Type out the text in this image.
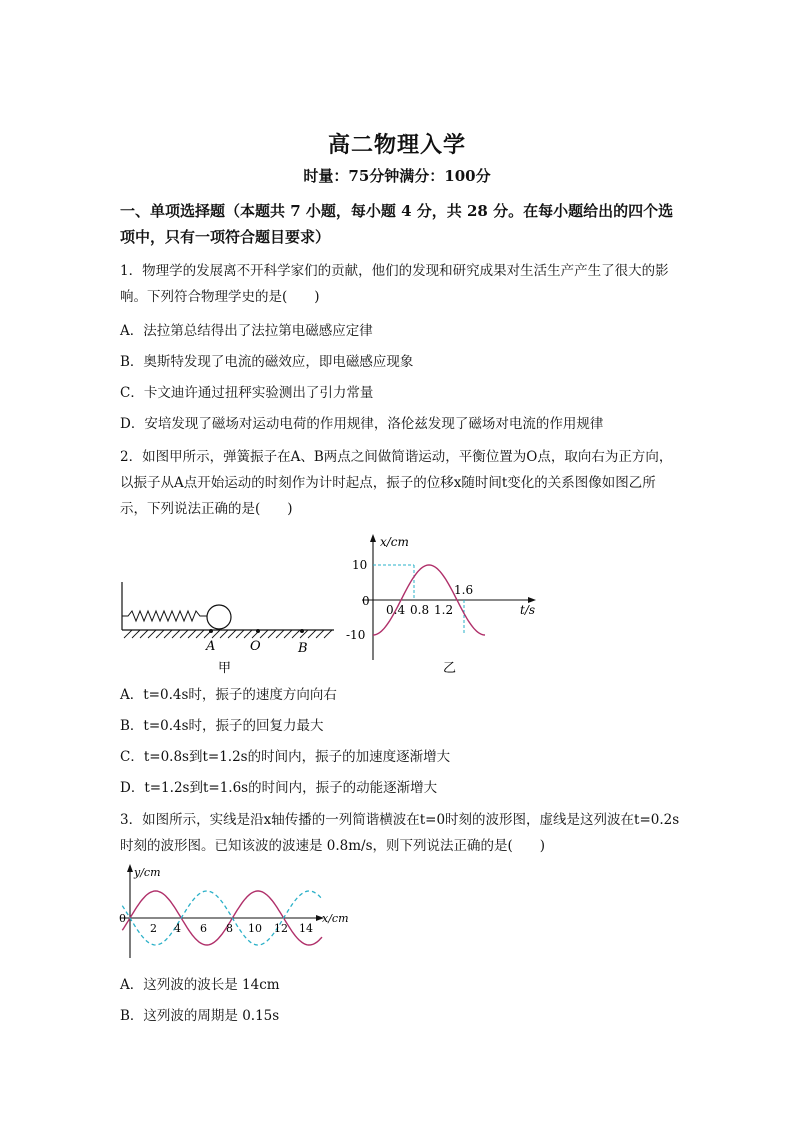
高二物理入学
时量：75分钟满分：100分
一、单项选择题（本题共 7 小题，每小题 4 分，共 28 分。在每小题给出的四个选项中，只有一项符合题目要求）
1．物理学的发展离不开科学家们的贡献，他们的发现和研究成果对生活生产产生了很大的影响。下列符合物理学史的是(　　)
A．法拉第总结得出了法拉第电磁感应定律
B．奥斯特发现了电流的磁效应，即电磁感应现象
C．卡文迪许通过扭秤实验测出了引力常量
D．安培发现了磁场对运动电荷的作用规律，洛伦兹发现了磁场对电流的作用规律
2．如图甲所示，弹簧振子在A、B两点之间做简谐运动，平衡位置为O点，取向右为正方向，以振子从A点开始运动的时刻作为计时起点，振子的位移x随时间t变化的关系图像如图乙所示，下列说法正确的是(　　)
A	O	B
甲
x/cm
t/s
0
10
-10
0.4 0.8 1.2
1.6
乙
A．t=0.4s时，振子的速度方向向右
B．t=0.4s时，振子的回复力最大
C．t=0.8s到t=1.2s的时间内，振子的加速度逐渐增大
D．t=1.2s到t=1.6s的时间内，振子的动能逐渐增大
3．如图所示，实线是沿x轴传播的一列简谐横波在t=0时刻的波形图，虚线是这列波在t=0.2s时刻的波形图。已知该波的波速是 0.8m/s，则下列说法正确的是(　　)
y/cm
x/cm
0
2 4 6 8 10 12 14
A．这列波的波长是 14cm
B．这列波的周期是 0.15s
